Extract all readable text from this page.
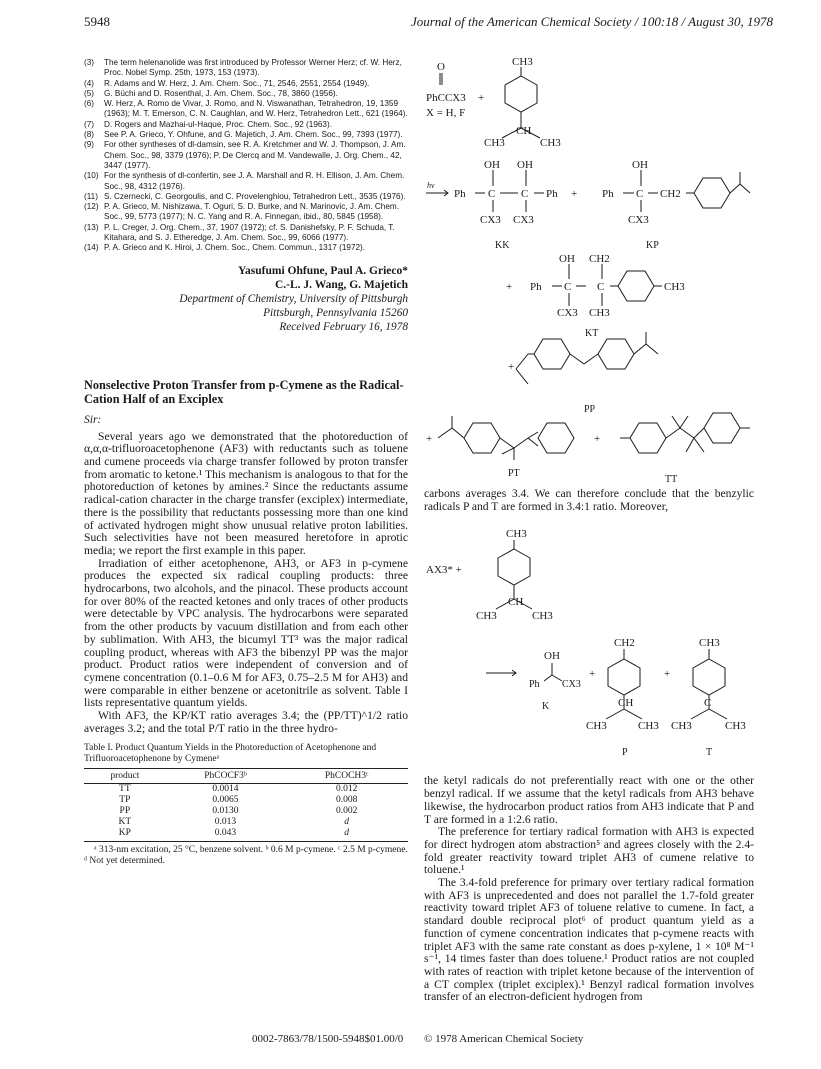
5948	Journal of the American Chemical Society / 100:18 / August 30, 1978
(3) The term helenanolide was first introduced by Professor Werner Herz; cf. W. Herz, Proc. Nobel Symp. 25th, 1973, 153 (1973).
(4) R. Adams and W. Herz, J. Am. Chem. Soc., 71, 2546, 2551, 2554 (1949).
(5) G. Büchi and D. Rosenthal, J. Am. Chem. Soc., 78, 3860 (1956).
(6) W. Herz, A. Romo de Vivar, J. Romo, and N. Viswanathan, Tetrahedron, 19, 1359 (1963); M. T. Emerson, C. N. Caughlan, and W. Herz, Tetrahedron Lett., 621 (1964).
(7) D. Rogers and Mazhai-ul-Haque, Proc. Chem. Soc., 92 (1963).
(8) See P. A. Grieco, Y. Ohfune, and G. Majetich, J. Am. Chem. Soc., 99, 7393 (1977).
(9) For other syntheses of dl-damsin, see R. A. Kretchmer and W. J. Thompson, J. Am. Chem. Soc., 98, 3379 (1976); P. De Clercq and M. Vandewalle, J. Org. Chem., 42, 3447 (1977).
(10) For the synthesis of dl-confertin, see J. A. Marshall and R. H. Ellison, J. Am. Chem. Soc., 98, 4312 (1976).
(11) S. Czernecki, C. Georgoulis, and C. Provelenghiou, Tetrahedron Lett., 3535 (1976).
(12) P. A. Grieco, M. Nishizawa, T. Oguri, S. D. Burke, and N. Marinovic, J. Am. Chem. Soc., 99, 5773 (1977); N. C. Yang and R. A. Finnegan, ibid., 80, 5845 (1958).
(13) P. L. Creger, J. Org. Chem., 37, 1907 (1972); cf. S. Danishefsky, P. F. Schuda, T. Kitahara, and S. J. Etheredge, J. Am. Chem. Soc., 99, 6066 (1977).
(14) P. A. Grieco and K. Hiroi, J. Chem. Soc., Chem. Commun., 1317 (1972).
Yasufumi Ohfune, Paul A. Grieco*
C.-L. J. Wang, G. Majetich
Department of Chemistry, University of Pittsburgh
Pittsburgh, Pennsylvania 15260
Received February 16, 1978
Nonselective Proton Transfer from p-Cymene as the Radical-Cation Half of an Exciplex
Sir:

Several years ago we demonstrated that the photoreduction of α,α,α-trifluoroacetophenone (AF3) with reductants such as toluene and cumene proceeds via charge transfer followed by proton transfer from aromatic to ketone.¹ This mechanism is analogous to that for the photoreduction of ketones by amines.² Since the reductants assume radical-cation character in the charge transfer (exciplex) intermediate, there is the possibility that reductants possessing more than one kind of activated hydrogen might show unusual relative proton labilities. Such selectivities have not been measured heretofore in aprotic media; we report the first example in this paper.

Irradiation of either acetophenone, AH3, or AF3 in p-cymene produces the expected six radical coupling products: three hydrocarbons, two alcohols, and the pinacol. These products account for over 80% of the reacted ketones and only traces of other products were detectable by VPC analysis. The hydrocarbons were separated from the other products by vacuum distillation and from each other by sublimation. With AH3, the bicumyl TT³ was the major radical coupling product, whereas with AF3 the bibenzyl PP was the major product. Product ratios were independent of conversion and of cymene concentration (0.1–0.6 M for AF3, 0.75–2.5 M for AH3) and were comparable in either benzene or acetonitrile as solvent. Table I lists representative quantum yields.

With AF3, the KP/KT ratio averages 3.4; the (PP/TT)^1/2 ratio averages 3.2; and the total P/T ratio in the three hydro-

Table I. Product Quantum Yields in the Photoreduction of Acetophenone and Trifluoroacetophenone by Cymeneᵃ
product	PhCOCF3ᵇ	PhCOCH3ᶜ
TT	0.0014	0.012
TP	0.0065	0.008
PP	0.0130	0.002
KT	0.013	d
KP	0.043	d
ᵃ 313-nm excitation, 25 °C, benzene solvent. ᵇ 0.6 M p-cymene. ᶜ 2.5 M p-cymene. ᵈ Not yet determined.
CH3
O
PhCCX3 +
X = H, F
CH
CH3	CH3
hν
OH OH
Ph C C Ph
CX3 CX3
KK
+ Ph
OH
C CH2
CX3
KP
+ Ph
OH CH2
C C
CX3 CH3
CH3
KT
+
PP
+	+
PT
TT

carbons averages 3.4. We can therefore conclude that the benzylic radicals P and T are formed in 3.4:1 ratio. Moreover,

CH3
AX3* +
CH
CH3	CH3
OH
Ph CX3
K
+
CH2
CH
CH3	CH3
P
+
CH3
C
CH3	CH3
T

the ketyl radicals do not preferentially react with one or the other benzyl radical. If we assume that the ketyl radicals from AH3 behave likewise, the hydrocarbon product ratios from AH3 indicate that P and T are formed in a 1:2.6 ratio.

The preference for tertiary radical formation with AH3 is expected for direct hydrogen atom abstraction⁵ and agrees closely with the 2.4-fold greater reactivity toward triplet AH3 of cumene relative to toluene.¹

The 3.4-fold preference for primary over tertiary radical formation with AF3 is unprecedented and does not parallel the 1.7-fold greater reactivity toward triplet AF3 of toluene relative to cumene. In fact, a standard double reciprocal plot⁶ of product quantum yield as a function of cymene concentration indicates that p-cymene reacts with triplet AF3 with the same rate constant as does p-xylene, 1 × 10⁸ M⁻¹ s⁻¹, 14 times faster than does toluene.¹ Product ratios are not coupled with rates of reaction with triplet ketone because of the intervention of a CT complex (triplet exciplex).¹ Benzyl radical formation involves transfer of an electron-deficient hydrogen from

0002-7863/78/1500-5948$01.00/0 © 1978 American Chemical Society
